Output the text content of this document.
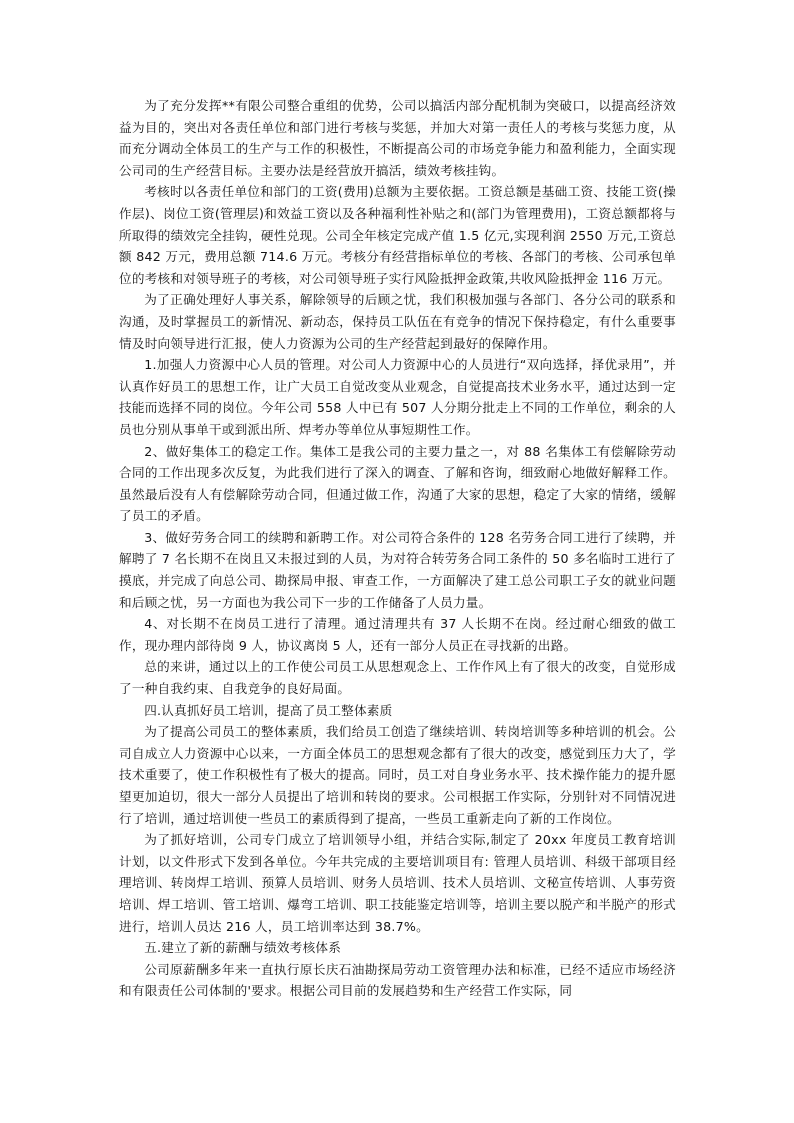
为了充分发挥**有限公司整合重组的优势，公司以搞活内部分配机制为突破口，以提高经济效益为目的，突出对各责任单位和部门进行考核与奖惩，并加大对第一责任人的考核与奖惩力度，从而充分调动全体员工的生产与工作的积极性，不断提高公司的市场竞争能力和盈利能力，全面实现公司司的生产经营目标。主要办法是经营放开搞活，绩效考核挂钩。

考核时以各责任单位和部门的工资(费用)总额为主要依据。工资总额是基础工资、技能工资(操作层)、岗位工资(管理层)和效益工资以及各种福利性补贴之和(部门为管理费用)，工资总额都将与所取得的绩效完全挂钩，硬性兑现。公司全年核定完成产值 1.5 亿元,实现利润 2550 万元,工资总额 842 万元，费用总额 714.6 万元。考核分有经营指标单位的考核、各部门的考核、公司承包单位的考核和对领导班子的考核，对公司领导班子实行风险抵押金政策,共收风险抵押金 116 万元。

为了正确处理好人事关系，解除领导的后顾之忧，我们积极加强与各部门、各分公司的联系和沟通，及时掌握员工的新情况、新动态，保持员工队伍在有竞争的情况下保持稳定，有什么重要事情及时向领导进行汇报，使人力资源为公司的生产经营起到最好的保障作用。

1.加强人力资源中心人员的管理。对公司人力资源中心的人员进行“双向选择，择优录用”，并认真作好员工的思想工作，让广大员工自觉改变从业观念，自觉提高技术业务水平，通过达到一定技能而选择不同的岗位。今年公司 558 人中已有 507 人分期分批走上不同的工作单位，剩余的人员也分别从事单干或到派出所、焊考办等单位从事短期性工作。

2、做好集体工的稳定工作。集体工是我公司的主要力量之一，对 88 名集体工有偿解除劳动合同的工作出现多次反复，为此我们进行了深入的调查、了解和咨询，细致耐心地做好解释工作。虽然最后没有人有偿解除劳动合同，但通过做工作，沟通了大家的思想，稳定了大家的情绪，缓解了员工的矛盾。

3、做好劳务合同工的续聘和新聘工作。对公司符合条件的 128 名劳务合同工进行了续聘，并解聘了 7 名长期不在岗且又未报过到的人员，为对符合转劳务合同工条件的 50 多名临时工进行了摸底，并完成了向总公司、勘探局申报、审查工作，一方面解决了建工总公司职工子女的就业问题和后顾之忧，另一方面也为我公司下一步的工作储备了人员力量。

4、对长期不在岗员工进行了清理。通过清理共有 37 人长期不在岗。经过耐心细致的做工作，现办理内部待岗 9 人，协议离岗 5 人，还有一部分人员正在寻找新的出路。

总的来讲，通过以上的工作使公司员工从思想观念上、工作作风上有了很大的改变，自觉形成了一种自我约束、自我竞争的良好局面。

四.认真抓好员工培训，提高了员工整体素质

为了提高公司员工的整体素质，我们给员工创造了继续培训、转岗培训等多种培训的机会。公司自成立人力资源中心以来，一方面全体员工的思想观念都有了很大的改变，感觉到压力大了，学技术重要了，使工作积极性有了极大的提高。同时，员工对自身业务水平、技术操作能力的提升愿望更加迫切，很大一部分人员提出了培训和转岗的要求。公司根据工作实际，分别针对不同情况进行了培训，通过培训使一些员工的素质得到了提高，一些员工重新走向了新的工作岗位。

为了抓好培训，公司专门成立了培训领导小组，并结合实际,制定了 20xx 年度员工教育培训计划，以文件形式下发到各单位。今年共完成的主要培训项目有: 管理人员培训、科级干部项目经理培训、转岗焊工培训、预算人员培训、财务人员培训、技术人员培训、文秘宣传培训、人事劳资培训、焊工培训、管工培训、爆弯工培训、职工技能鉴定培训等，培训主要以脱产和半脱产的形式进行，培训人员达 216 人，员工培训率达到 38.7%。

五.建立了新的薪酬与绩效考核体系

公司原薪酬多年来一直执行原长庆石油勘探局劳动工资管理办法和标准，已经不适应市场经济和有限责任公司体制的'要求。根据公司目前的发展趋势和生产经营工作实际，同
